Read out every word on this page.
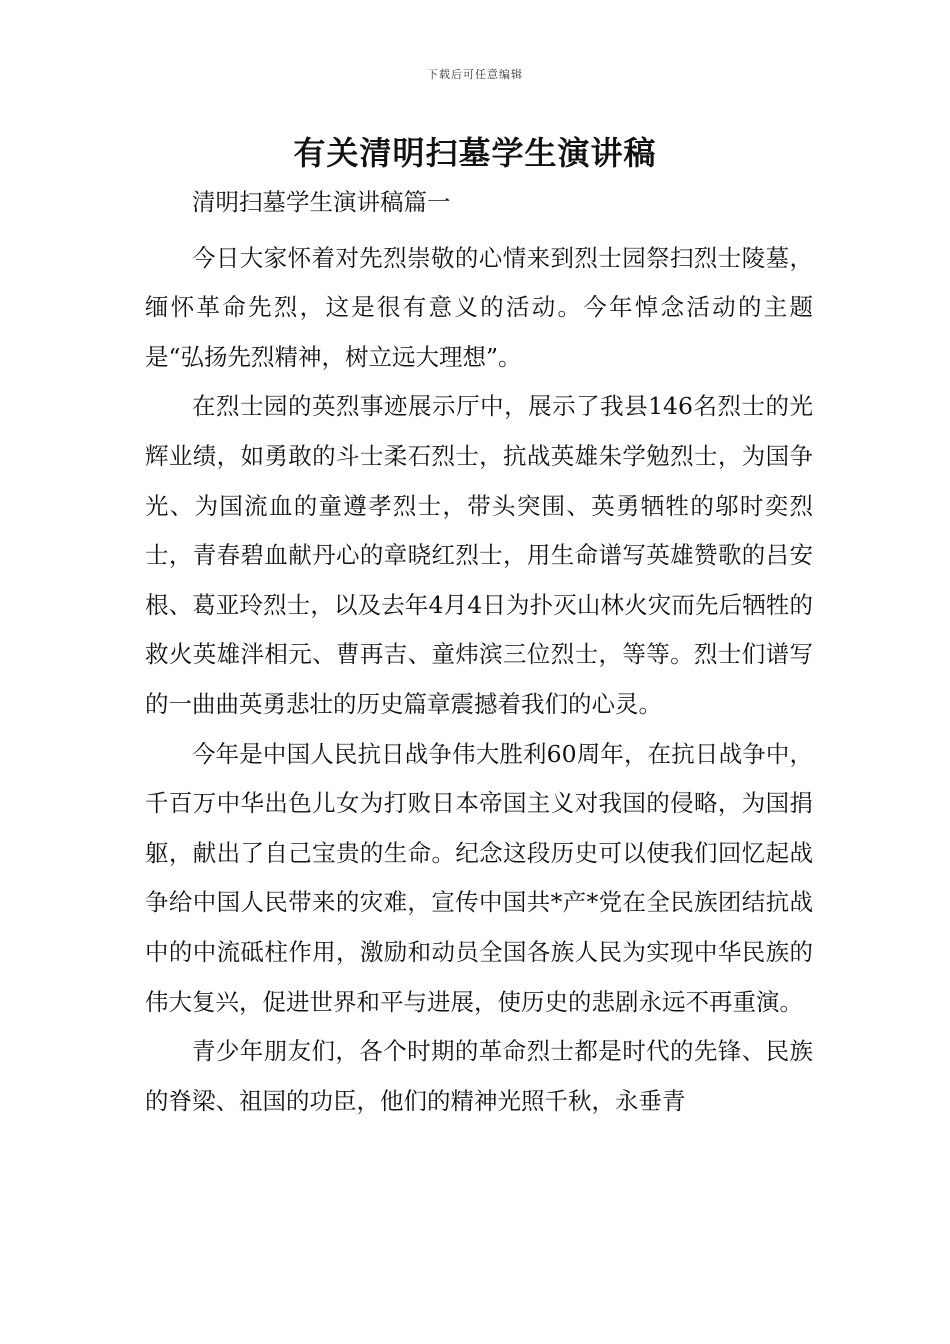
下载后可任意编辑
有关清明扫墓学生演讲稿

清明扫墓学生演讲稿篇一

今日大家怀着对先烈崇敬的心情来到烈士园祭扫烈士陵墓，缅怀革命先烈，这是很有意义的活动。今年悼念活动的主题是“弘扬先烈精神，树立远大理想”。

在烈士园的英烈事迹展示厅中，展示了我县146名烈士的光辉业绩，如勇敢的斗士柔石烈士，抗战英雄朱学勉烈士，为国争光、为国流血的童遵孝烈士，带头突围、英勇牺牲的邬时奕烈士，青春碧血献丹心的章晓红烈士，用生命谱写英雄赞歌的吕安根、葛亚玲烈士，以及去年4月4日为扑灭山林火灾而先后牺牲的救火英雄泮相元、曹再吉、童炜滨三位烈士，等等。烈士们谱写的一曲曲英勇悲壮的历史篇章震撼着我们的心灵。

今年是中国人民抗日战争伟大胜利60周年，在抗日战争中，千百万中华出色儿女为打败日本帝国主义对我国的侵略，为国捐躯，献出了自己宝贵的生命。纪念这段历史可以使我们回忆起战争给中国人民带来的灾难，宣传中国共*产*党在全民族团结抗战中的中流砥柱作用，激励和动员全国各族人民为实现中华民族的伟大复兴，促进世界和平与进展，使历史的悲剧永远不再重演。

青少年朋友们，各个时期的革命烈士都是时代的先锋、民族的脊梁、祖国的功臣，他们的精神光照千秋，永垂青
